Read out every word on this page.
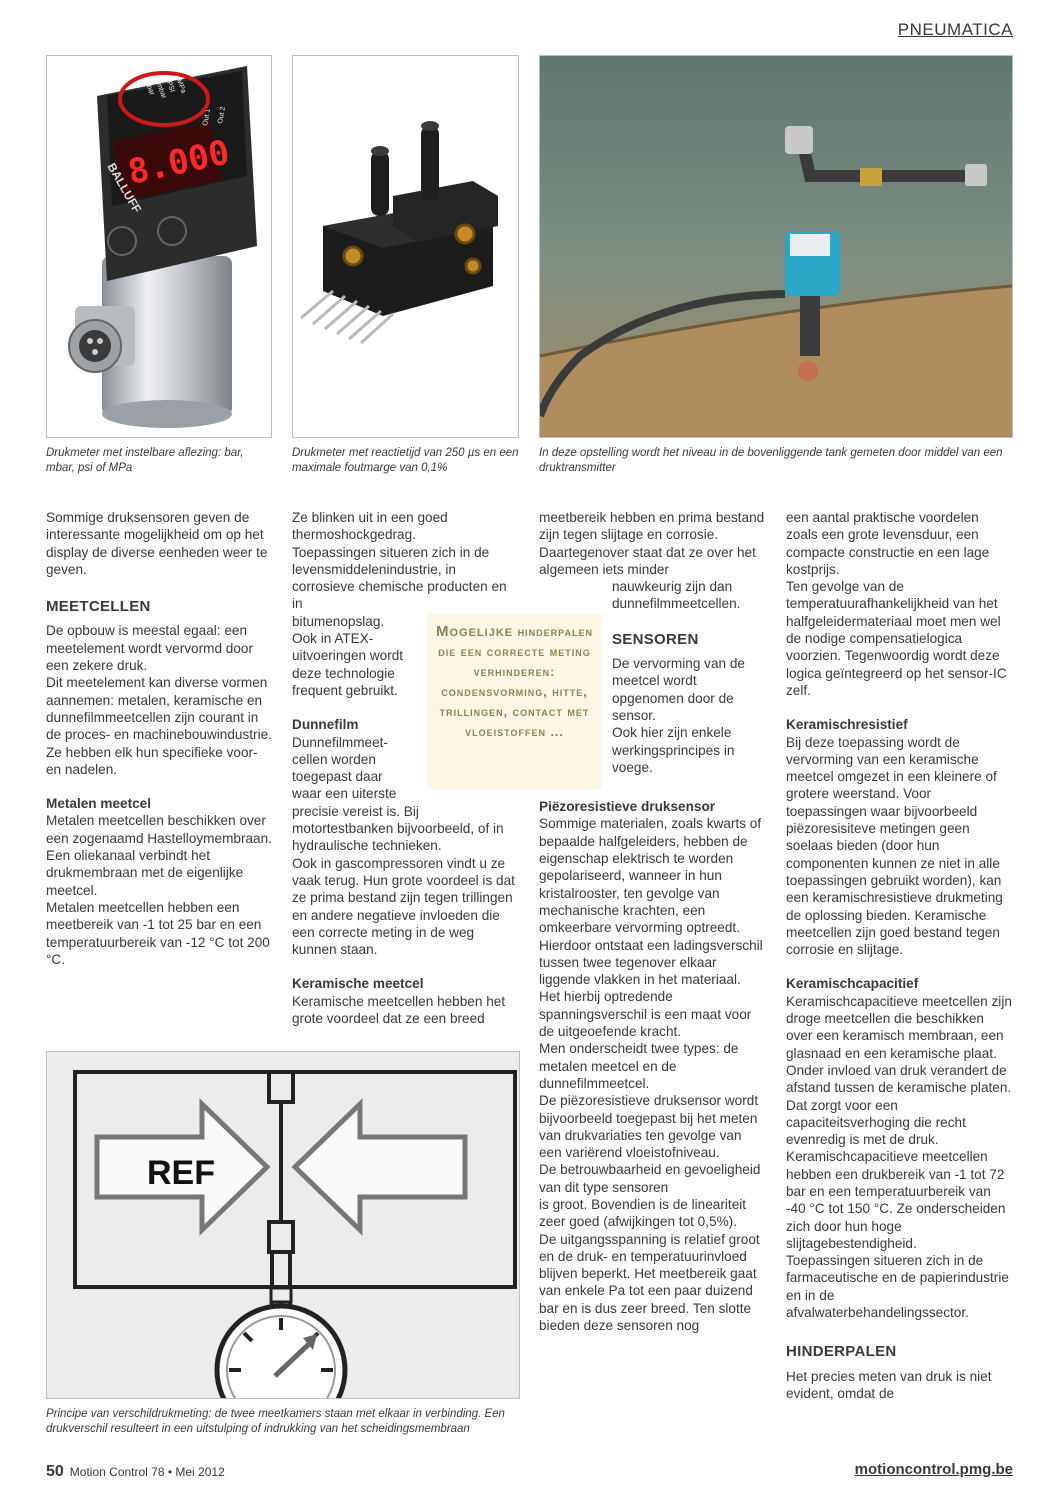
PNEUMATICA
8.000
BALLUFF
bar mbar
PSI MPa
Out 1 Out 2
Drukmeter met instelbare aflezing: bar, mbar, psi of MPa
Drukmeter met reactietijd van 250 µs en een maximale foutmarge van 0,1%
In deze opstelling wordt het niveau in de bovenliggende tank gemeten door middel van een druktransmitter

Sommige druksensoren geven de interessante mogelijkheid om op het display de diverse eenheden weer te geven.

MEETCELLEN

De opbouw is meestal egaal: een meetelement wordt vervormd door een zekere druk.
Dit meetelement kan diverse vormen aannemen: metalen, keramische en dunnefilmmeetcellen zijn courant in de proces- en machinebouwindustrie.
Ze hebben elk hun specifieke voor- en nadelen.

Metalen meetcel

Metalen meetcellen beschikken over een zogenaamd Hastelloymembraan.
Een oliekanaal verbindt het drukmembraan met de eigenlijke meetcel.
Metalen meetcellen hebben een meetbereik van -1 tot 25 bar en een temperatuurbereik van -12 °C tot 200 °C.

Ze blinken uit in een goed thermoshockgedrag.
Toepassingen situeren zich in de levensmiddelenindustrie, in corrosieve chemische producten en in

bitumenopslag.
Ook in ATEX-uitvoeringen wordt deze technologie frequent gebruikt.

Dunnefilm

Dunnefilmmeet-
cellen worden
toegepast daar
waar een uiterste

precisie vereist is. Bij motortestbanken bijvoorbeeld, of in hydraulische technieken.
Ook in gascompressoren vindt u ze vaak terug. Hun grote voordeel is dat ze prima bestand zijn tegen trillingen en andere negatieve invloeden die een correcte meting in de weg kunnen staan.

Keramische meetcel

Keramische meetcellen hebben het grote voordeel dat ze een breed

Mogelijke hinderpalen die een correcte meting verhinderen: condensvorming, hitte, trillingen, contact met vloeistoffen ...

meetbereik hebben en prima bestand zijn tegen slijtage en corrosie.
Daartegenover staat dat ze over het algemeen iets minder

nauwkeurig zijn dan dunnefilmmeetcellen.

SENSOREN

De vervorming van de meetcel wordt opgenomen door de sensor.
Ook hier zijn enkele werkingsprincipes in voege.

Piëzoresistieve druksensor

Sommige materialen, zoals kwarts of bepaalde halfgeleiders, hebben de eigenschap elektrisch te worden gepolariseerd, wanneer in hun kristalrooster, ten gevolge van mechanische krachten, een omkeerbare vervorming optreedt.
Hierdoor ontstaat een ladingsverschil tussen twee tegenover elkaar liggende vlakken in het materiaal.
Het hierbij optredende spanningsverschil is een maat voor de uitgeoefende kracht.
Men onderscheidt twee types: de metalen meetcel en de dunnefilmmeetcel.
De piëzoresistieve druksensor wordt bijvoorbeeld toegepast bij het meten van drukvariaties ten gevolge van een variërend vloeistofniveau.
De betrouwbaarheid en gevoeligheid van dit type sensoren
is groot. Bovendien is de lineariteit zeer goed (afwijkingen tot 0,5%).
De uitgangsspanning is relatief groot en de druk- en temperatuurinvloed blijven beperkt. Het meetbereik gaat van enkele Pa tot een paar duizend bar en is dus zeer breed. Ten slotte bieden deze sensoren nog

een aantal praktische voordelen zoals een grote levensduur, een compacte constructie en een lage kostprijs.
Ten gevolge van de temperatuurafhankelijkheid van het halfgeleidermateriaal moet men wel de nodige compensatielogica voorzien. Tegenwoordig wordt deze logica geïntegreerd op het sensor-IC zelf.

Keramischresistief

Bij deze toepassing wordt de vervorming van een keramische meetcel omgezet in een kleinere of grotere weerstand. Voor toepassingen waar bijvoorbeeld piëzoresisiteve metingen geen soelaas bieden (door hun componenten kunnen ze niet in alle toepassingen gebruikt worden), kan een keramischresistieve drukmeting de oplossing bieden. Keramische meetcellen zijn goed bestand tegen corrosie en slijtage.

Keramischcapacitief

Keramischcapacitieve meetcellen zijn droge meetcellen die beschikken over een keramisch membraan, een glasnaad en een keramische plaat. Onder invloed van druk verandert de afstand tussen de keramische platen. Dat zorgt voor een capaciteitsverhoging die recht evenredig is met de druk. Keramischcapacitieve meetcellen hebben een drukbereik van -1 tot 72 bar en een temperatuurbereik van -40 °C tot 150 °C. Ze onderscheiden zich door hun hoge slijtagebestendigheid.
Toepassingen situeren zich in de farmaceutische en de papierindustrie en in de afvalwaterbehandelingssector.

HINDERPALEN

Het precies meten van druk is niet evident, omdat de

REF
Principe van verschildrukmeting: de twee meetkamers staan met elkaar in verbinding. Een drukverschil resulteert in een uitstulping of indrukking van het scheidingsmembraan
50 Motion Control 78 • Mei 2012	motioncontrol.pmg.be
